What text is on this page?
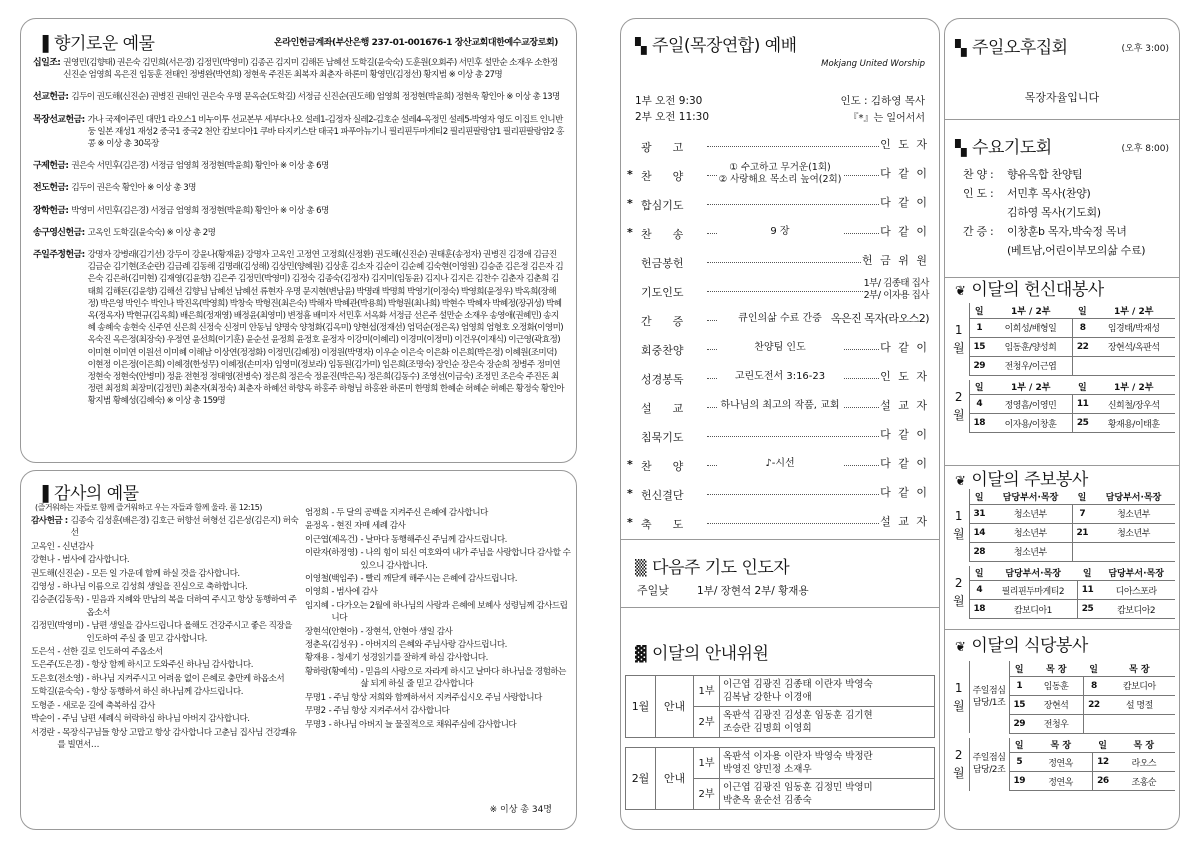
▐ 향기로운 예물	온라인헌금계좌(부산은행 237-01-001676-1 장산교회대한예수교장로회)
십일조: 권영민(김향태) 권은숙 김민희(서은경) 김정민(박영미) 김종곤 김지미 김해돈 남혜선 도학길(윤숙숙) 도훈원(오회주) 서민후 설만순 소재우 소한정 신진순 엄영희 옥은진 임동훈 전태인 정병완(박연희) 정현욱 주진돈 최복자 최춘자 하론미 황영민(김정선) 황지범 ※ 이상 총 27명
선교헌금: 김두이 권도해(신진순) 권병진 권태인 권은숙 우명 문옥순(도학길) 서정금 신진순(권도해) 엄영희 정정현(박윤희) 정현욱 황인아 ※ 이상 총 13명
목장선교헌금: 가나 국제이주민 대만1 라오스1 비누이투 선교본부 세부다나오 설레1-김정자 실레2-김호순 설레4-옥정민 설레5-박영자 영도 이집트 인니반둥 일본 재성1 재성2 중국1 중국2 천안 캄보디아1 쿠바 타지키스탄 태국1 파푸아뉴기니 필리핀두마게티2 필리핀팔랑얌1 필리핀팔랑얌2 홍콩 ※ 이상 총 30목장
구제헌금: 권은숙 서민후(김은경) 서정금 엄영희 정정현(박윤희) 황인아 ※ 이상 총 6명
전도헌금: 김두이 권은숙 황인아 ※ 이상 총 3명
장학헌금: 박영미 서민후(김은경) 서정금 엄영희 정정현(박윤희) 황인아 ※ 이상 총 6명
송구영신헌금: 고옥인 도학길(윤숙숙) ※ 이상 총 2명
주일주정헌금: 강명자 강병래(김기선) 강두이 강윤나(황재윤) 강명자 고옥인 고정연 고정희(신정환) 권도해(신진순) 권태훈(송정자) 권병진 김경애 김금진 김금순 김기현(조순란) 김금례 김동해 김명래(김성해) 김상민(양혜원) 김상훈 김소자 김순이 김순혜 김숙현(이영원) 김승준 김은정 김은자 김은숙 김은하(김미현) 김재영(김윤향) 김은주 김정민(박영미) 김정숙 김종숙(김정자) 김지미(임동윤) 김지나 김지은 김찬수 김춘자 김춘희 김태희 김해돈(김윤향) 김해선 김향님 남혜선 남혜선 류현자 우명 문지현(변남윤) 박명래 박명희 박영기(이정숙) 박영희(윤정우) 박옥희(장해정) 박은영 박인수 박인나 박진옥(박영희) 박창숙 박형진(최은숙) 박해자 박혜관(박용희) 박형원(최나희) 박현수 박혜자 박혜정(장귀성) 박혜옥(정옥자) 박현규(김옥희) 배은희(정재영) 배정윤(최영미) 변정흠 배미자 서민후 서옥화 서정금 선은주 설만순 소재우 송영애(권혜민) 송지혜 송혜숙 송현숙 신주연 신은희 신정숙 신정미 안동님 양명숙 양청화(김옥미) 양현섭(정재선) 엄덕순(정은옥) 엄영희 엄형호 오정화(이영미) 옥숙진 옥은정(최장숙) 우정연 윤선희(이기훈) 윤순선 윤정희 윤정호 윤정자 이강미(이혜리) 이경미(이정미) 이건우(이재식) 이근영(곽효정) 이미현 이미연 이원선 이미혜 이해남 이상연(정정화) 이정민(김혜정) 이정원(박명자) 이우순 이은숙 이은화 이은희(박은정) 이혜원(조미덕) 이현정 이은정(이은희) 이혜경(한성무) 이혜정(손미자) 임영미(정보라) 임동원(김가미) 임은희(조명숙) 장인순 장은숙 장순희 정병주 정미연 정현숙 정현숙(안병미) 정윤 전현정 정태영(전병숙) 정은희 정은숙 정윤진(박은옥) 정은희(김동수) 조영선(이금숙) 조정민 조은숙 주진돈 최정련 최정희 최장미(김정민) 최춘자(최정숙) 최춘자 하혜선 하향옥 하홍주 하형님 하홍완 하론미 한명희 한혜순 허혜순 허혜은 황정숙 황인아 황지범 황혜성(김혜숙) ※ 이상 총 159명
▐ 감사의 예물
(즐거워하는 자들로 함께 즐거워하고 우는 자들과 함께 울라. 롬 12:15)
감사헌금 : 김종숙 김성훈(배은경) 김호근 허향선 허형선 김은성(김은지) 허숙선
고옥인 - 신년감사
강현나 - 범사에 감사합니다.
권도해(신진순) - 모든 일 가운데 함께 하실 것을 감사합니다.
김영성 - 하나님 이름으로 김성희 생일을 진심으로 축하합니다.
김승준(김동욱) - 믿음과 지혜와 만남의 복을 더하여 주시고 항상 동행하여 주옵소서
김정민(박영미) - 남편 생일을 감사드립니다 올해도 건강주시고 좋은 직장을 인도하여 주실 줄 믿고 감사합니다.
도은석 - 선한 길로 인도하여 주옵소서
도은주(도은경) - 항상 함께 하시고 도와주신 하나님 감사합니다.
도은호(전소영) - 하나님 지켜주시고 어려움 없이 은혜로 충만케 하옵소서
도학길(윤숙숙) - 항상 동행하셔 하신 하나님께 감사드립니다.
도형준 - 새로운 길에 축복하심 감사
박순이 - 주님 남편 세례식 허락하심 하나님 아버지 감사합니다.
서경란 - 목장식구님들 항상 고맙고 항상 감사합니다 고춘님 집사님 건강쾌유를 빌면서…
엄정희 - 두 달의 공백을 지켜주신 은혜에 감사합니다
윤정옥 - 현진 자매 세례 감사
이근엽(제옥건) - 날마다 동행해주신 주님께 감사드립니다.
이란자(하정영) - 나의 힘이 되신 여호와여 내가 주님을 사랑합니다 감사할 수 있으니 감사합니다.
이영철(백임주) - 빨리 깨닫게 해주시는 은혜에 감사드립니다.
이영희 - 범사에 감사
임지혜 - 다가오는 2월에 하나님의 사랑과 은혜에 보혜사 성령님께 감사드립니다
장현석(안현아) - 장현석, 안현아 생일 감사
정춘옥(김성우) - 아버지의 은혜와 주님사랑 감사드립니다.
황재용 - 청세기 성경읽기를 잘하게 하심 감사합니다.
황하랑(황예석) - 믿음의 사랑으로 자라게 하시고 날마다 하나님을 경험하는 삶 되게 하실 줄 믿고 감사합니다
무명1 - 주님 항상 저희와 함께하셔서 지켜주십시오 주님 사랑합니다
무명2 - 주님 항상 지켜주셔서 감사합니다
무명3 - 하나님 아버지 늘 물질적으로 채워주심에 감사합니다
※ 이상 총 34명
▚ 주일(목장연합) 예배
Mokjang United Worship
1부 오전 9:30
2부 오전 11:30
인도 : 김하영 목사
『*』는 일어서서
광      고	인 도 자
* 찬      양
① 수고하고 무거운(1회)
② 사랑해요 목소리 높여(2회)	다 같 이
* 합심기도	다 같 이
* 찬      송	9 장	다 같 이
헌금봉헌	헌 금 위 원
기도인도
1부/ 김종태 집사
2부/ 이자용 집사
간      증	큐인의삶 수료 간증 옥은진 목자(라오스2)
회중찬양	찬양팀 인도	다 같 이
성경봉독	고린도전서 3:16-23	인 도 자
설      교	하나님의 최고의 작품, 교회	설 교 자
침묵기도	다 같 이
* 찬      양	♪-시선	다 같 이
* 헌신결단	다 같 이
* 축      도	설 교 자
▒ 다음주 기도 인도자
주일낮	1부/ 장현석 2부/ 황재용
▓ 이달의 안내위원
1월	안내	1부	이근엽 김광진 김종태 이란자 박영숙
김복남 강한나 이경애
		2부	옥판석 김광진 김성훈 임동훈 김기현
조승란 김명희 이영희

2월	안내	1부	옥판석 이자용 이란자 박영숙 박정란
박영진 양민정 소재우
		2부	이근엽 김광진 임동훈 김정민 박영미
박춘옥 윤순선 김종숙
▚ 주일오후집회	(오후 3:00)
목장자율입니다
▚ 수요기도회	(오후 8:00)
찬 양 :	향유옥합 찬양팀
인 도 :	서민후 목사(찬양)
김하영 목사(기도회)
간 증 :	이창훈b 목자,박숙정 목녀
(베트남,어린이부모의삶 수료)
❦ 이달의 헌신대봉사
1
월	일	1부 / 2부	일	1부 / 2부
	1	이희성/배형일	8	임경태/박재성
	15	임동훈/양성희	22	장현석/옥판석
	29	전청우/이근엽		
2
월	일	1부 / 2부	일	1부 / 2부
	4	정영흠/이영민	11	신희철/장우석
	18	이자용/이창훈	25	황재용/이태훈
❦ 이달의 주보봉사
1
월	일	담당부서·목장	일	담당부서·목장
	31	청소년부	7	청소년부
	14	청소년부	21	청소년부
	28	청소년부		
2
월	일	담당부서·목장	일	담당부서·목장
	4	필리핀두마게티2	11	디아스포라
	18	캄보디아1	25	캄보디아2
❦ 이달의 식당봉사
1
월	주일점심
담당/1조	일	목 장	일	목 장
		1	임동훈	8	캄보디아
		15	장현석	22	설 명절
		29	전청우		
2
월	주일점심
담당/2조	일	목 장	일	목 장
		5	정연옥	12	라오스
		19	정연옥	26	조홍순
